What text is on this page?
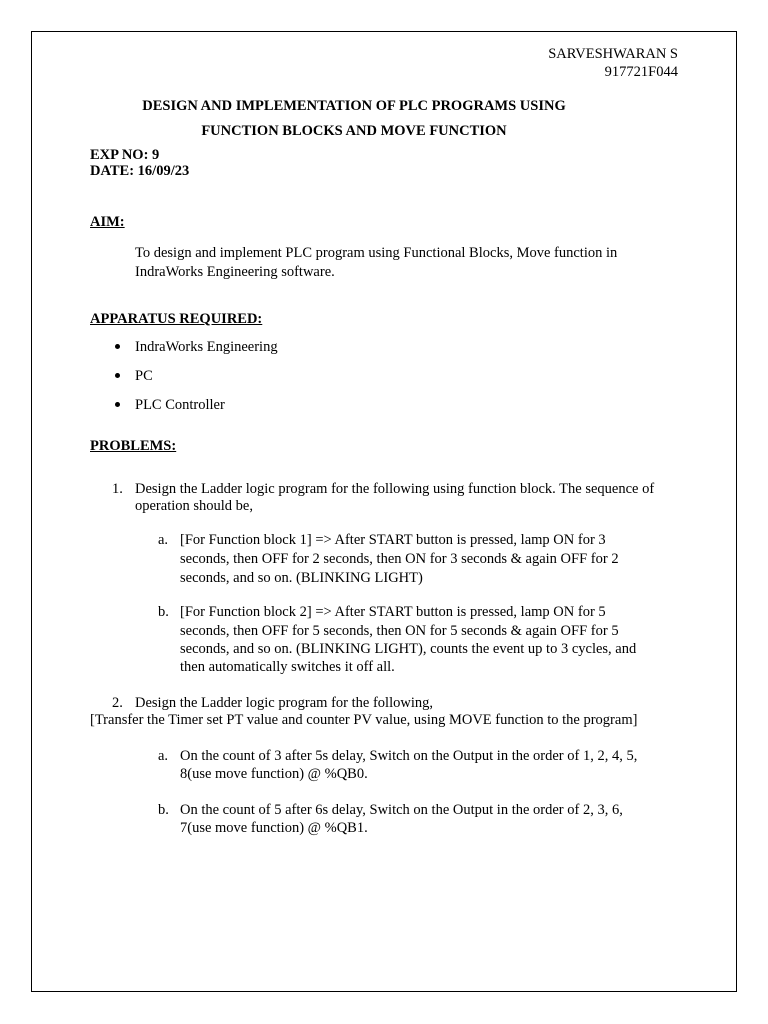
SARVESHWARAN S
917721F044
DESIGN AND IMPLEMENTATION OF PLC PROGRAMS USING
FUNCTION BLOCKS AND MOVE FUNCTION
EXP NO: 9
DATE: 16/09/23
AIM:
To design and implement PLC program using Functional Blocks, Move function in
IndraWorks Engineering software.
APPARATUS REQUIRED:
IndraWorks Engineering
PC
PLC Controller
PROBLEMS:
1. Design the Ladder logic program for the following using function block. The sequence of
operation should be,
a. [For Function block 1] => After START button is pressed, lamp ON for 3
seconds, then OFF for 2 seconds, then ON for 3 seconds & again OFF for 2
seconds, and so on. (BLINKING LIGHT)
b. [For Function block 2] => After START button is pressed, lamp ON for 5
seconds, then OFF for 5 seconds, then ON for 5 seconds & again OFF for 5
seconds, and so on. (BLINKING LIGHT), counts the event up to 3 cycles, and
then automatically switches it off all.
2. Design the Ladder logic program for the following,
[Transfer the Timer set PT value and counter PV value, using MOVE function to the program]
a. On the count of 3 after 5s delay, Switch on the Output in the order of 1, 2, 4, 5,
8(use move function) @ %QB0.
b. On the count of 5 after 6s delay, Switch on the Output in the order of 2, 3, 6,
7(use move function) @ %QB1.
